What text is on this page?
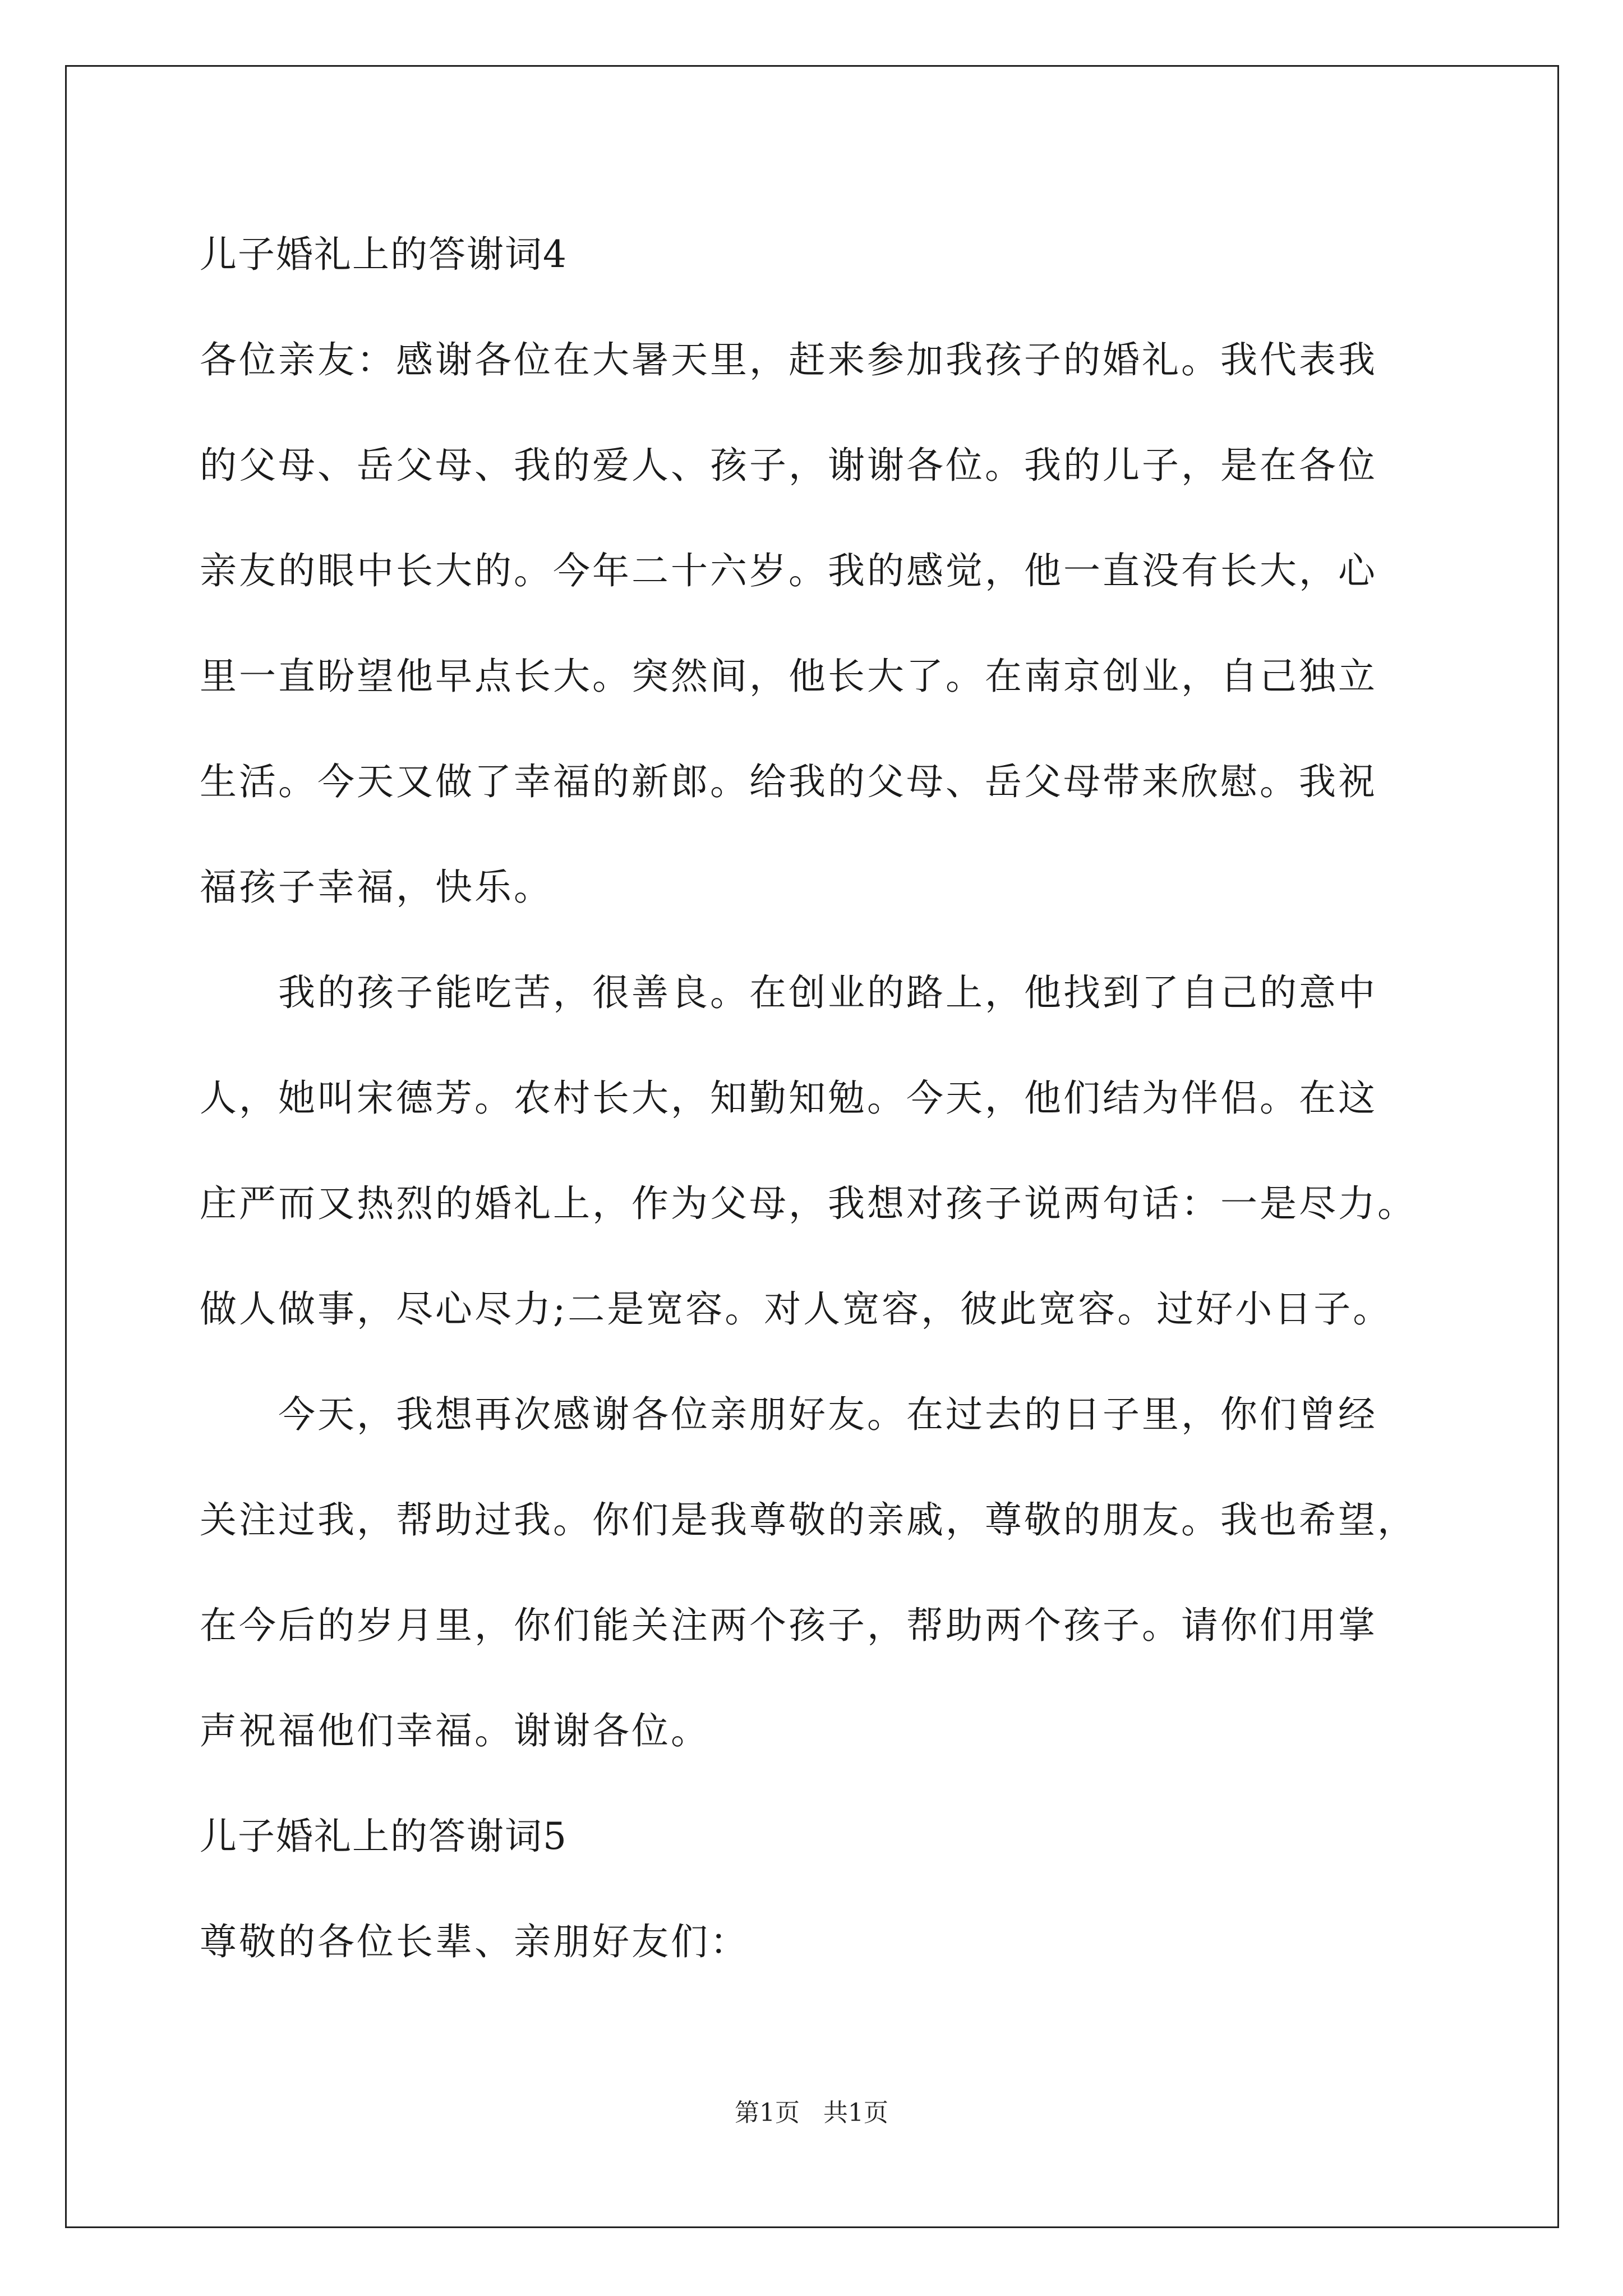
儿子婚礼上的答谢词4
各位亲友：感谢各位在大暑天里，赶来参加我孩子的婚礼。我代表我
的父母、岳父母、我的爱人、孩子，谢谢各位。我的儿子，是在各位
亲友的眼中长大的。今年二十六岁。我的感觉，他一直没有长大，心
里一直盼望他早点长大。突然间，他长大了。在南京创业，自己独立
生活。今天又做了幸福的新郎。给我的父母、岳父母带来欣慰。我祝
福孩子幸福，快乐。
我的孩子能吃苦，很善良。在创业的路上，他找到了自己的意中
人，她叫宋德芳。农村长大，知勤知勉。今天，他们结为伴侣。在这
庄严而又热烈的婚礼上，作为父母，我想对孩子说两句话：一是尽力。
做人做事，尽心尽力;二是宽容。对人宽容，彼此宽容。过好小日子。
今天，我想再次感谢各位亲朋好友。在过去的日子里，你们曾经
关注过我，帮助过我。你们是我尊敬的亲戚，尊敬的朋友。我也希望，
在今后的岁月里，你们能关注两个孩子，帮助两个孩子。请你们用掌
声祝福他们幸福。谢谢各位。
儿子婚礼上的答谢词5
尊敬的各位长辈、亲朋好友们：
第1页 共1页
